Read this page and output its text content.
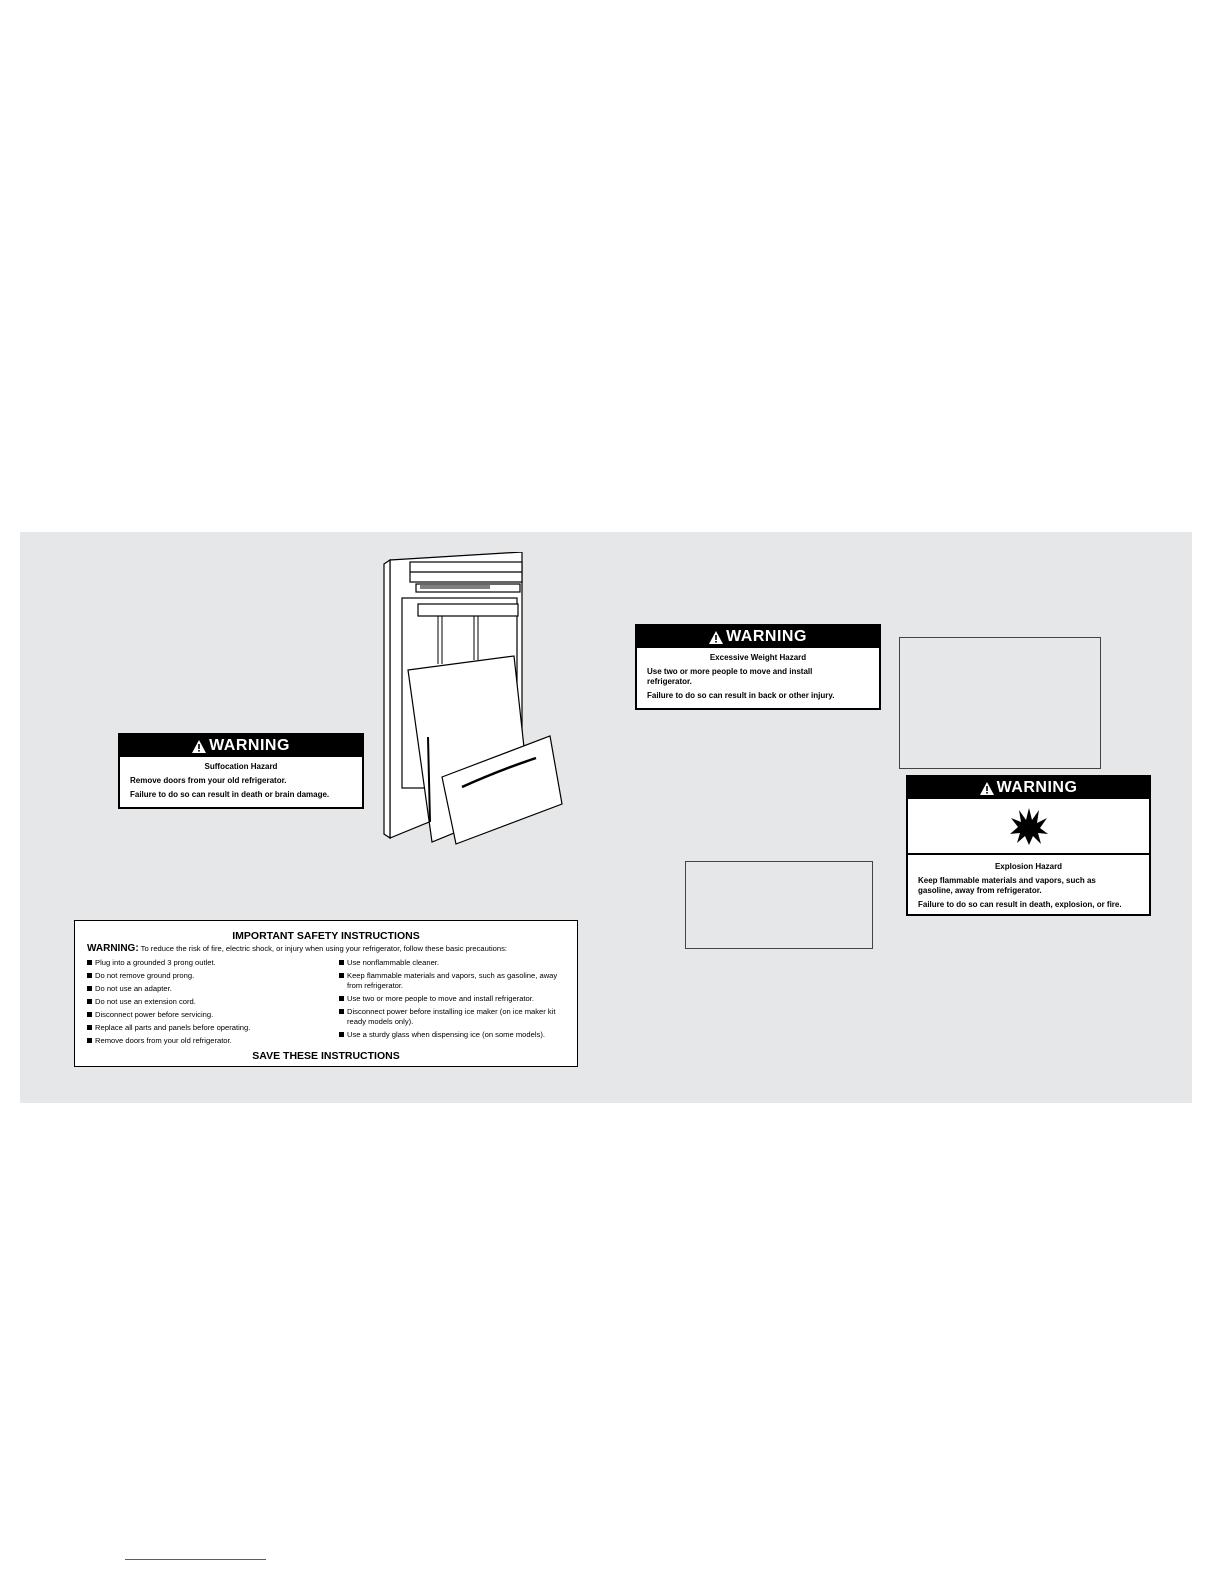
WARNING
Suffocation Hazard
Remove doors from your old refrigerator.
Failure to do so can result in death or brain damage.
WARNING
Excessive Weight Hazard
Use two or more people to move and install refrigerator.
Failure to do so can result in back or other injury.
WARNING
Explosion Hazard
Keep flammable materials and vapors, such as gasoline, away from refrigerator.
Failure to do so can result in death, explosion, or fire.
IMPORTANT SAFETY INSTRUCTIONS
WARNING: To reduce the risk of fire, electric shock, or injury when using your refrigerator, follow these basic precautions:
Plug into a grounded 3 prong outlet.
Do not remove ground prong.
Do not use an adapter.
Do not use an extension cord.
Disconnect power before servicing.
Replace all parts and panels before operating.
Remove doors from your old refrigerator.
Use nonflammable cleaner.
Keep flammable materials and vapors, such as gasoline, away from refrigerator.
Use two or more people to move and install refrigerator.
Disconnect power before installing ice maker (on ice maker kit ready models only).
Use a sturdy glass when dispensing ice (on some models).
SAVE THESE INSTRUCTIONS
